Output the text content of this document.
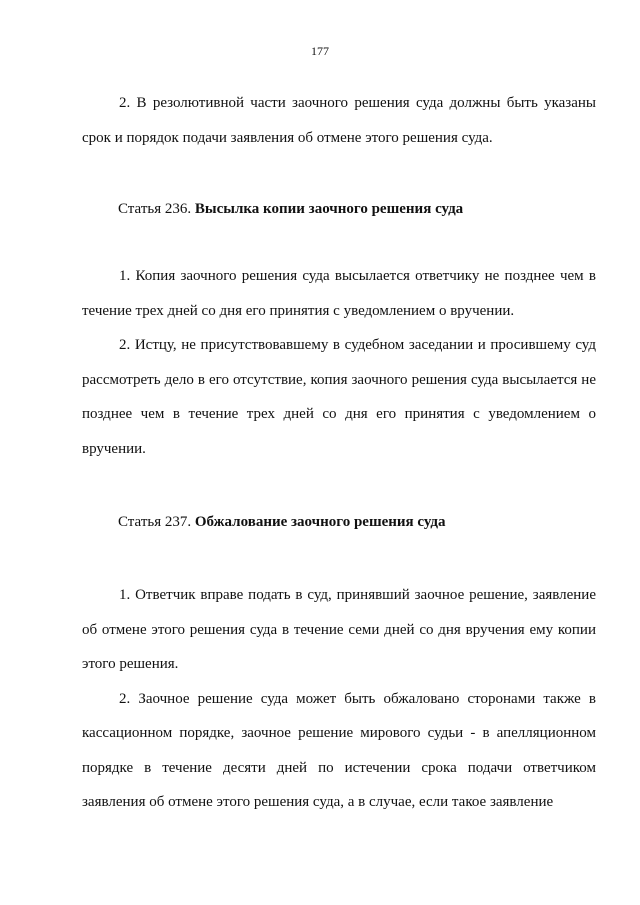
177

2. В резолютивной части заочного решения суда должны быть указаны срок и порядок подачи заявления об отмене этого решения суда.

Статья 236. Высылка копии заочного решения суда

1. Копия заочного решения суда высылается ответчику не позднее чем в течение трех дней со дня его принятия с уведомлением о вручении.

2. Истцу, не присутствовавшему в судебном заседании и просившему суд рассмотреть дело в его отсутствие, копия заочного решения суда высылается не позднее чем в течение трех дней со дня его принятия с уведомлением о вручении.

Статья 237. Обжалование заочного решения суда

1. Ответчик вправе подать в суд, принявший заочное решение, заявление об отмене этого решения суда в течение семи дней со дня вручения ему копии этого решения.

2. Заочное решение суда может быть обжаловано сторонами также в кассационном порядке, заочное решение мирового судьи - в апелляционном порядке в течение десяти дней по истечении срока подачи ответчиком заявления об отмене этого решения суда, а в случае, если такое заявление
